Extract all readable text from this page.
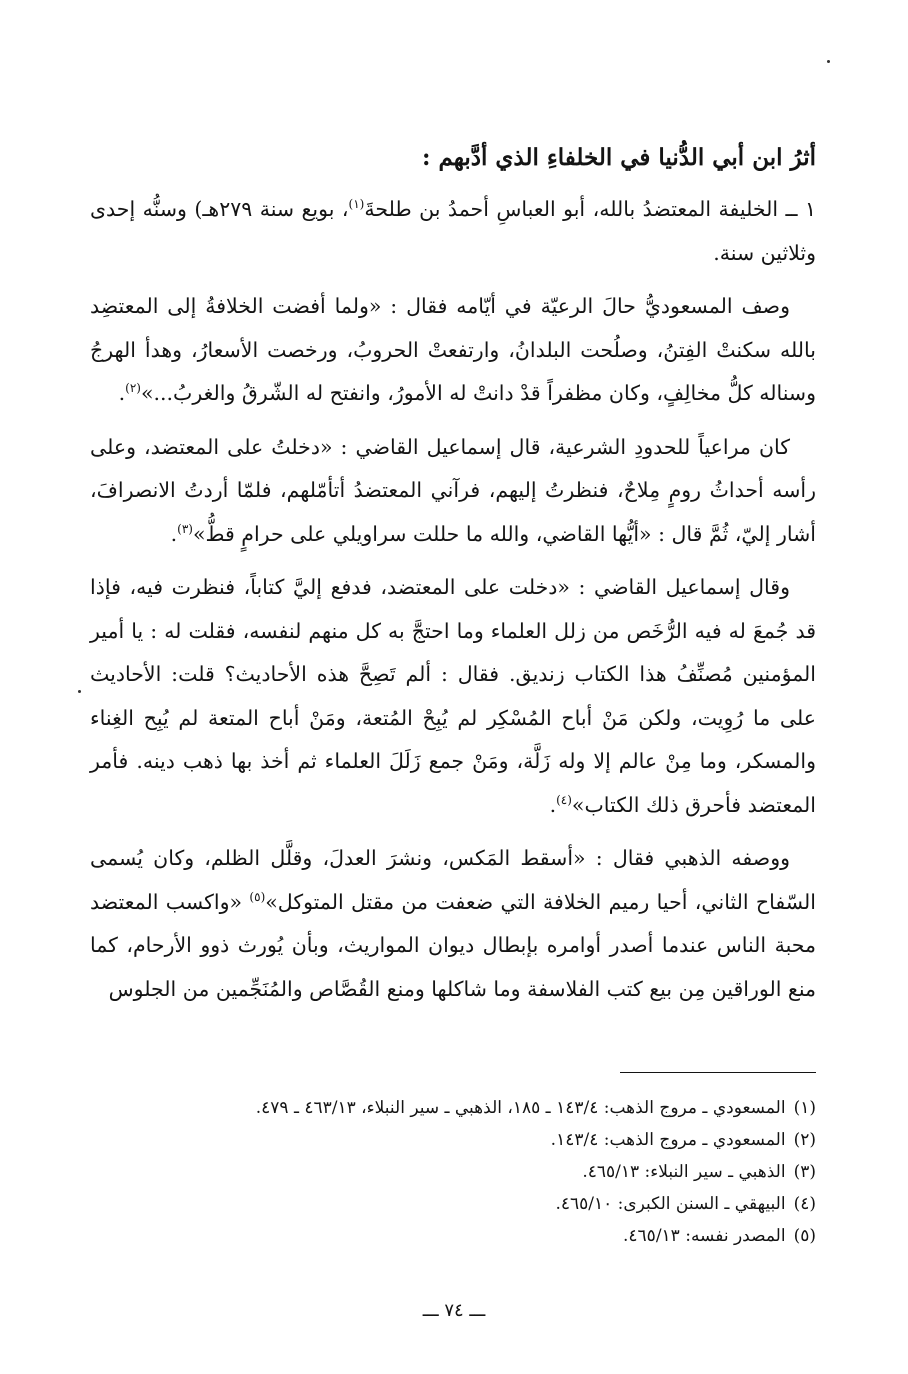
أثرُ ابن أبي الدُّنيا في الخلفاءِ الذي أدَّبهم :

١ ــ الخليفة المعتضدُ بالله، أبو العباسِ أحمدُ بن طلحةَ$^{(١)}$، بويع سنة ٢٧٩هـ) وسنُّه إحدى وثلاثين سنة.

وصف المسعوديُّ حالَ الرعيّة في أيّامه فقال : «ولما أفضت الخلافةُ إلى المعتضِد بالله سكنتْ الفِتنُ، وصلُحت البلدانُ، وارتفعتْ الحروبُ، ورخصت الأسعارُ، وهدأ الهرجُ وسناله كلُّ مخالِفٍ، وكان مظفراً قدْ دانتْ له الأمورُ، وانفتح له الشّرقُ والغربُ...»$^{(٢)}$.

كان مراعياً للحدودِ الشرعية، قال إسماعيل القاضي : «دخلتُ على المعتضد، وعلى رأسه أحداثُ رومٍ مِلاحٌ، فنظرتُ إليهم، فرآني المعتضدُ أتأمّلهم، فلمّا أردتُ الانصرافَ، أشار إليّ، ثُمَّ قال : «أيُّها القاضي، والله ما حللت سراويلي على حرامٍ قطُّ»$^{(٣)}$.

وقال إسماعيل القاضي : «دخلت على المعتضد، فدفع إليَّ كتاباً، فنظرت فيه، فإذا قد جُمعَ له فيه الرُّخَص من زلل العلماء وما احتجَّ به كل منهم لنفسه، فقلت له : يا أمير المؤمنين مُصنِّفُ هذا الكتاب زنديق. فقال : ألم تَصِحَّ هذه الأحاديث؟ قلت: الأحاديث على ما رُوِيت، ولكن مَنْ أباح المُسْكِر لم يُبِحْ المُتعة، ومَنْ أباح المتعة لم يُبِح الغِناء والمسكر، وما مِنْ عالم إلا وله زَلَّة، ومَنْ جمع زَلَلَ العلماء ثم أخذ بها ذهب دينه. فأمر المعتضد فأحرق ذلك الكتاب»$^{(٤)}$.

ووصفه الذهبي فقال : «أسقط المَكس، ونشرَ العدلَ، وقلَّل الظلم، وكان يُسمى السّفاح الثاني، أحيا رميم الخلافة التي ضعفت من مقتل المتوكل»$^{(٥)}$ «واكسب المعتضد محبة الناس عندما أصدر أوامره بإبطال ديوان المواريث، وبأن يُورث ذوو الأرحام، كما منع الوراقين مِن بيع كتب الفلاسفة وما شاكلها ومنع القُصَّاص والمُنَجِّمين من الجلوس

(١)المسعودي ـ مروج الذهب: ١٤٣/٤ ـ ١٨٥، الذهبي ـ سير النبلاء، ٤٦٣/١٣ ـ ٤٧٩.

(٢)المسعودي ـ مروج الذهب: ١٤٣/٤.

(٣)الذهبي ـ سير النبلاء: ٤٦٥/١٣.

(٤)البيهقي ـ السنن الكبرى: ٤٦٥/١٠.

(٥)المصدر نفسه: ٤٦٥/١٣.

ـــ ٧٤ ـــ
